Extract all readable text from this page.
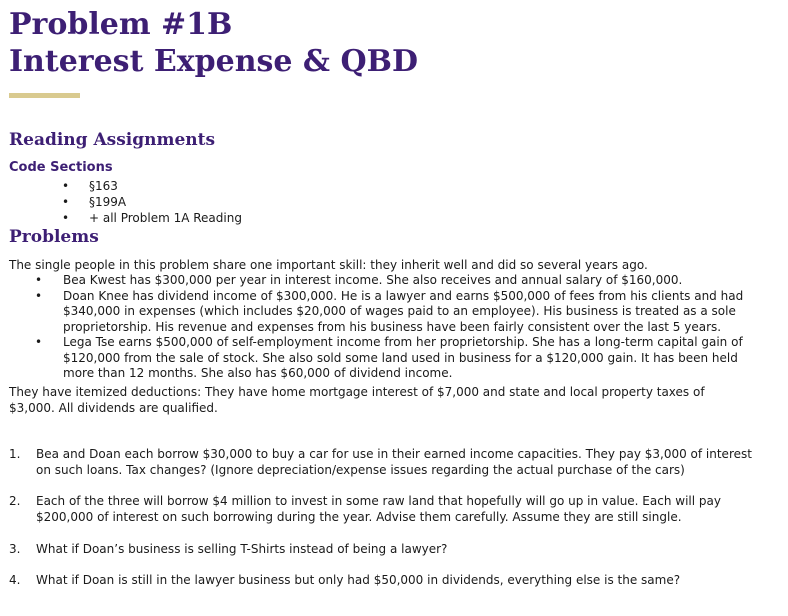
Problem #1B
Interest Expense & QBD
Reading Assignments
Code Sections
• §163
• §199A
• + all Problem 1A Reading
Problems
The single people in this problem share one important skill: they inherit well and did so several years ago.
• Bea Kwest has $300,000 per year in interest income. She also receives and annual salary of $160,000.
• Doan Knee has dividend income of $300,000. He is a lawyer and earns $500,000 of fees from his clients and had $340,000 in expenses (which includes $20,000 of wages paid to an employee). His business is treated as a sole proprietorship. His revenue and expenses from his business have been fairly consistent over the last 5 years.
• Lega Tse earns $500,000 of self-employment income from her proprietorship. She has a long-term capital gain of $120,000 from the sale of stock. She also sold some land used in business for a $120,000 gain. It has been held more than 12 months. She also has $60,000 of dividend income.
They have itemized deductions: They have home mortgage interest of $7,000 and state and local property taxes of $3,000. All dividends are qualified.
1. Bea and Doan each borrow $30,000 to buy a car for use in their earned income capacities. They pay $3,000 of interest on such loans. Tax changes? (Ignore depreciation/expense issues regarding the actual purchase of the cars)
2. Each of the three will borrow $4 million to invest in some raw land that hopefully will go up in value. Each will pay $200,000 of interest on such borrowing during the year. Advise them carefully. Assume they are still single.
3. What if Doan’s business is selling T-Shirts instead of being a lawyer?
4. What if Doan is still in the lawyer business but only had $50,000 in dividends, everything else is the same?
